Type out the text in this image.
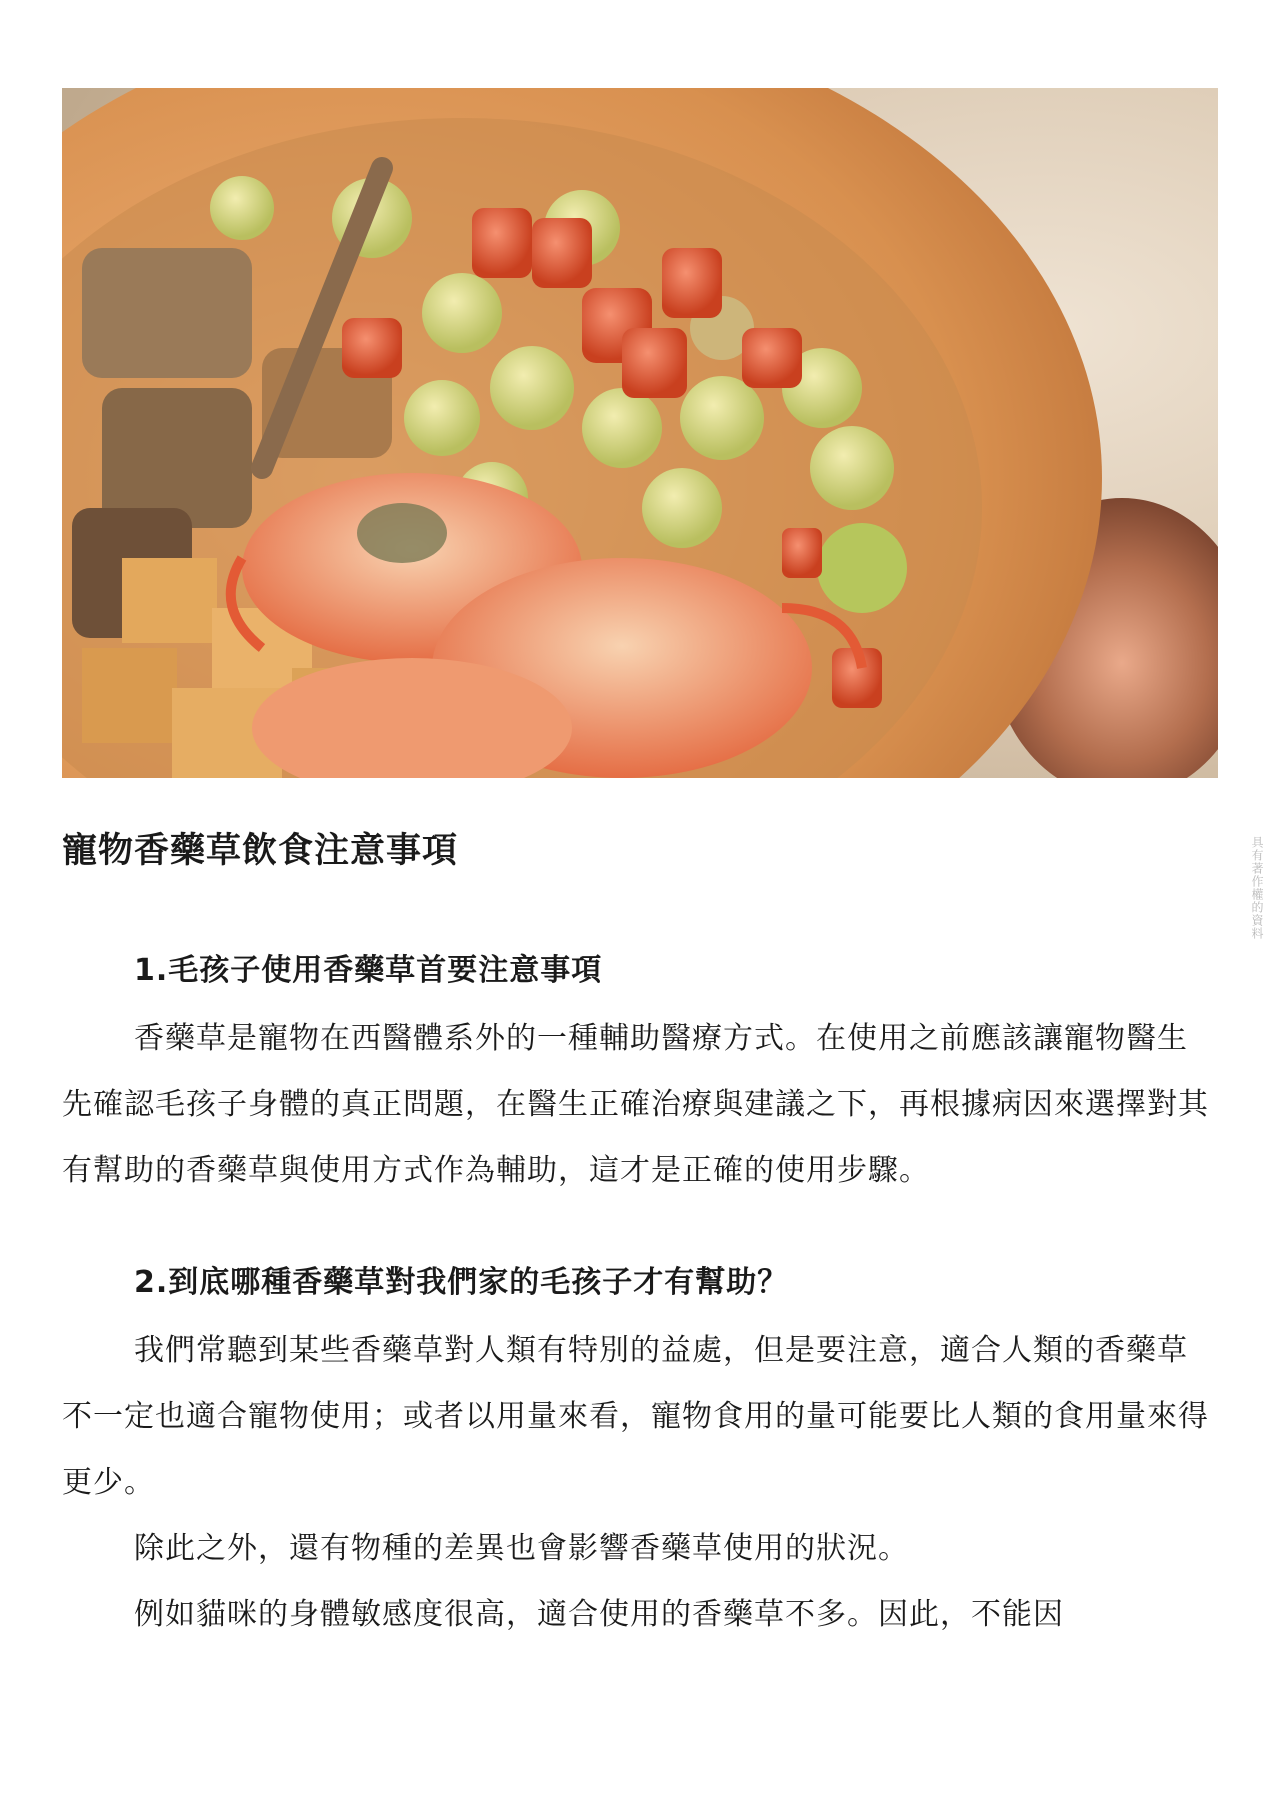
具有著作權的資料
寵物香藥草飲食注意事項
1.毛孩子使用香藥草首要注意事項

香藥草是寵物在西醫體系外的一種輔助醫療方式。在使用之前應該讓寵物醫生先確認毛孩子身體的真正問題，在醫生正確治療與建議之下，再根據病因來選擇對其有幫助的香藥草與使用方式作為輔助，這才是正確的使用步驟。

2.到底哪種香藥草對我們家的毛孩子才有幫助？

我們常聽到某些香藥草對人類有特別的益處，但是要注意，適合人類的香藥草不一定也適合寵物使用；或者以用量來看，寵物食用的量可能要比人類的食用量來得更少。

除此之外，還有物種的差異也會影響香藥草使用的狀況。

例如貓咪的身體敏感度很高，適合使用的香藥草不多。因此，不能因
